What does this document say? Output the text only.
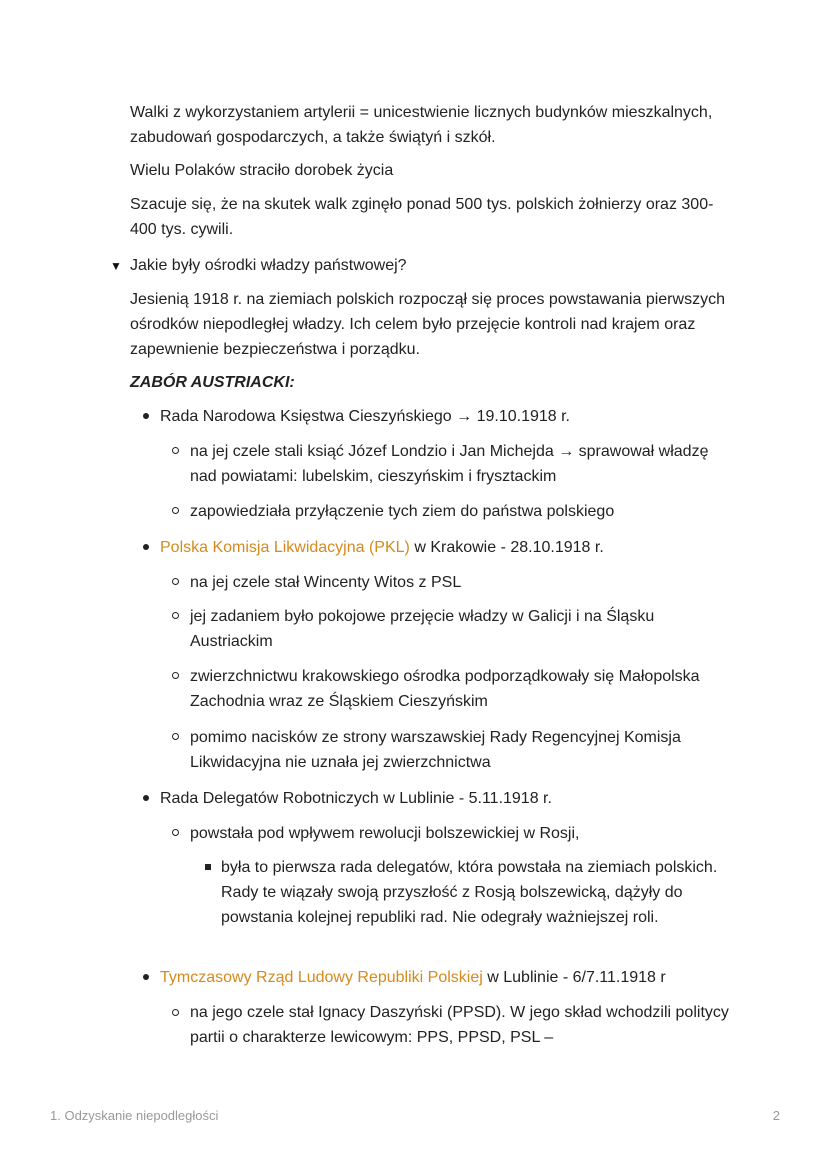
Walki z wykorzystaniem artylerii = unicestwienie licznych budynków mieszkalnych, zabudowań gospodarczych, a także świątyń i szkół.

Wielu Polaków straciło dorobek życia

Szacuje się, że na skutek walk zginęło ponad 500 tys. polskich żołnierzy oraz 300-400 tys. cywili.

▼ Jakie były ośrodki władzy państwowej?

Jesienią 1918 r. na ziemiach polskich rozpoczął się proces powstawania pierwszych ośrodków niepodległej władzy. Ich celem było przejęcie kontroli nad krajem oraz zapewnienie bezpieczeństwa i porządku.

ZABÓR AUSTRIACKI:
Rada Narodowa Księstwa Cieszyńskiego → 19.10.1918 r.
na jej czele stali ksiąć Józef Londzio i Jan Michejda → sprawował władzę nad powiatami: lubelskim, cieszyńskim i frysztackim
zapowiedziała przyłączenie tych ziem do państwa polskiego
Polska Komisja Likwidacyjna (PKL) w Krakowie - 28.10.1918 r.
na jej czele stał Wincenty Witos z PSL
jej zadaniem było pokojowe przejęcie władzy w Galicji i na Śląsku Austriackim
zwierzchnictwu krakowskiego ośrodka podporządkowały się Małopolska Zachodnia wraz ze Śląskiem Cieszyńskim
pomimo nacisków ze strony warszawskiej Rady Regencyjnej Komisja Likwidacyjna nie uznała jej zwierzchnictwa
Rada Delegatów Robotniczych w Lublinie - 5.11.1918 r.
powstała pod wpływem rewolucji bolszewickiej w Rosji,
była to pierwsza rada delegatów, która powstała na ziemiach polskich. Rady te wiązały swoją przyszłość z Rosją bolszewicką, dążyły do powstania kolejnej republiki rad. Nie odegrały ważniejszej roli.
Tymczasowy Rząd Ludowy Republiki Polskiej w Lublinie - 6/7.11.1918 r
na jego czele stał Ignacy Daszyński (PPSD). W jego skład wchodzili politycy partii o charakterze lewicowym: PPS, PPSD, PSL –
1. Odzyskanie niepodległości	2
